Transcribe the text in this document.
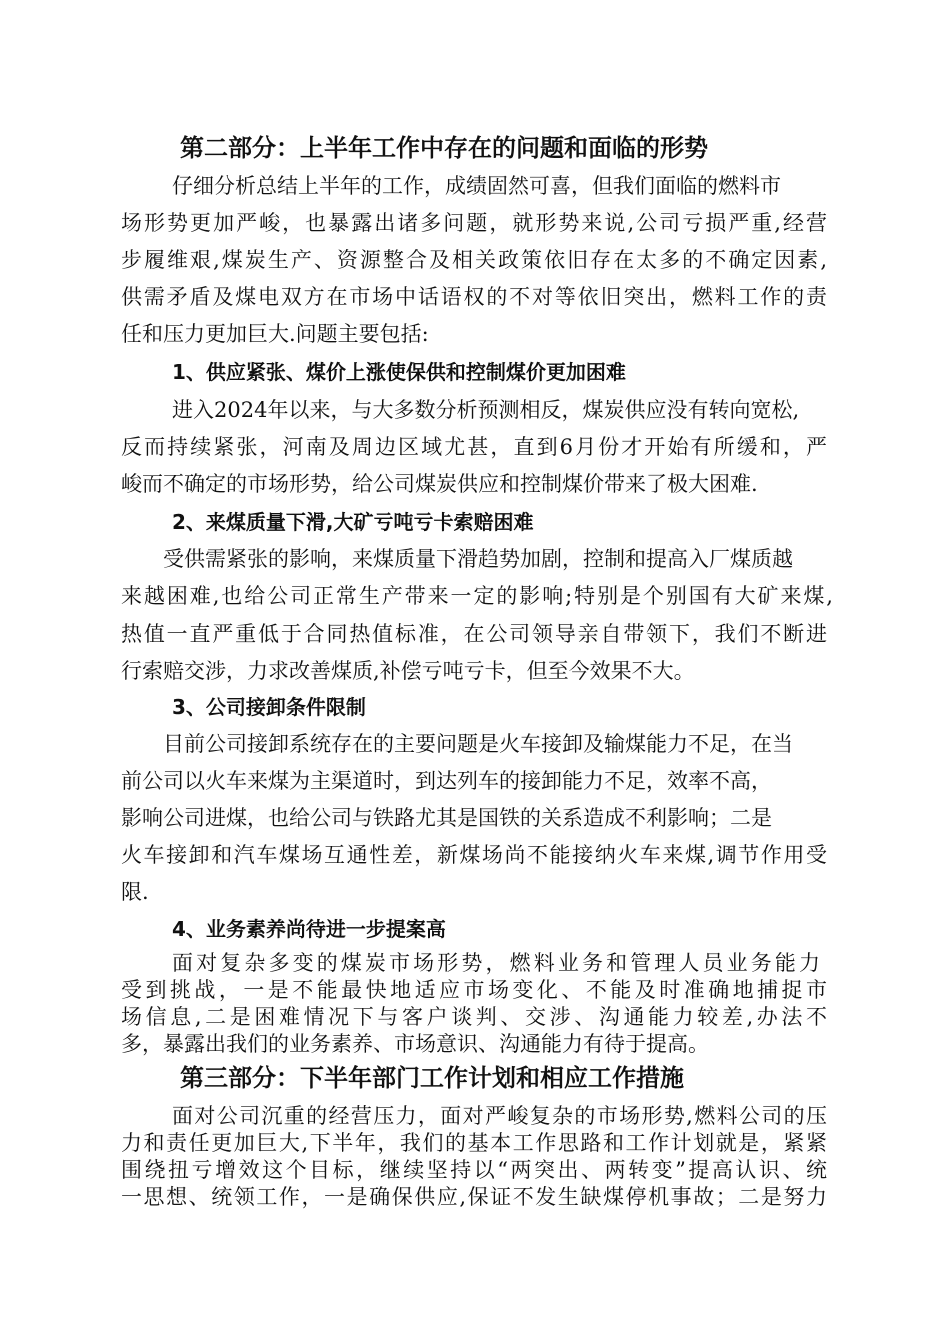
第二部分：上半年工作中存在的问题和面临的形势
仔细分析总结上半年的工作，成绩固然可喜，但我们面临的燃料市
场形势更加严峻，也暴露出诸多问题，就形势来说,公司亏损严重,经营
步履维艰,煤炭生产、资源整合及相关政策依旧存在太多的不确定因素,
供需矛盾及煤电双方在市场中话语权的不对等依旧突出，燃料工作的责
任和压力更加巨大.问题主要包括:
1、供应紧张、煤价上涨使保供和控制煤价更加困难
进入2024年以来，与大多数分析预测相反，煤炭供应没有转向宽松,
反而持续紧张，河南及周边区域尤甚，直到6月份才开始有所缓和，严
峻而不确定的市场形势，给公司煤炭供应和控制煤价带来了极大困难.
2、来煤质量下滑,大矿亏吨亏卡索赔困难
受供需紧张的影响，来煤质量下滑趋势加剧，控制和提高入厂煤质越
来越困难,也给公司正常生产带来一定的影响;特别是个别国有大矿来煤,
热值一直严重低于合同热值标准，在公司领导亲自带领下，我们不断进
行索赔交涉，力求改善煤质,补偿亏吨亏卡，但至今效果不大。
3、公司接卸条件限制
目前公司接卸系统存在的主要问题是火车接卸及输煤能力不足，在当
前公司以火车来煤为主渠道时，到达列车的接卸能力不足，效率不高，
影响公司进煤，也给公司与铁路尤其是国铁的关系造成不利影响；二是
火车接卸和汽车煤场互通性差，新煤场尚不能接纳火车来煤,调节作用受
限.
4、业务素养尚待进一步提案高
面对复杂多变的煤炭市场形势，燃料业务和管理人员业务能力
受到挑战，一是不能最快地适应市场变化、不能及时准确地捕捉市
场信息,二是困难情况下与客户谈判、交涉、沟通能力较差,办法不
多，暴露出我们的业务素养、市场意识、沟通能力有待于提高。
第三部分：下半年部门工作计划和相应工作措施
面对公司沉重的经营压力，面对严峻复杂的市场形势,燃料公司的压
力和责任更加巨大,下半年，我们的基本工作思路和工作计划就是，紧紧
围绕扭亏增效这个目标，继续坚持以“两突出、两转变”提高认识、统
一思想、统领工作，一是确保供应,保证不发生缺煤停机事故；二是努力
